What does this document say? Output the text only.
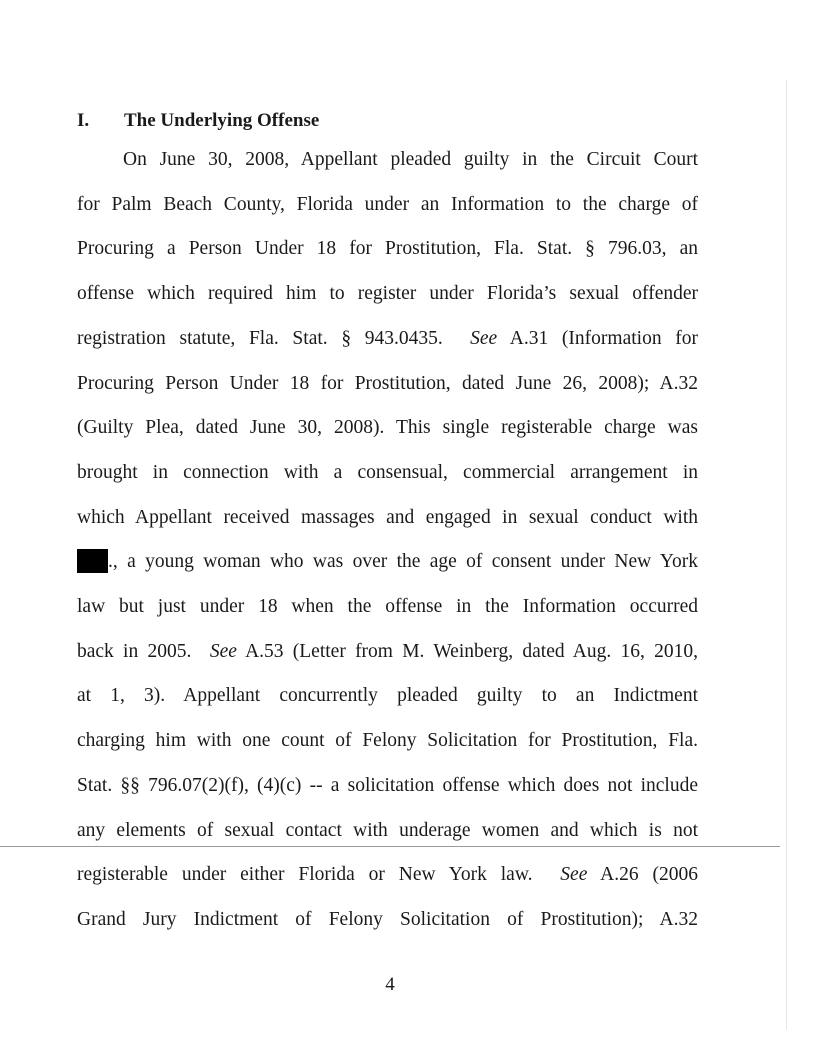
I. The Underlying Offense
On June 30, 2008, Appellant pleaded guilty in the Circuit Court
for Palm Beach County, Florida under an Information to the charge of
Procuring a Person Under 18 for Prostitution, Fla. Stat. § 796.03, an
offense which required him to register under Florida’s sexual offender
registration statute, Fla. Stat. § 943.0435.  See A.31 (Information for
Procuring Person Under 18 for Prostitution, dated June 26, 2008); A.32
(Guilty Plea, dated June 30, 2008). This single registerable charge was
brought in connection with a consensual, commercial arrangement in
which Appellant received massages and engaged in sexual conduct with
., a young woman who was over the age of consent under New York
law but just under 18 when the offense in the Information occurred
back in 2005.  See A.53 (Letter from M. Weinberg, dated Aug. 16, 2010,
at 1, 3). Appellant concurrently pleaded guilty to an Indictment
charging him with one count of Felony Solicitation for Prostitution, Fla.
Stat. §§ 796.07(2)(f), (4)(c) -- a solicitation offense which does not include
any elements of sexual contact with underage women and which is not
registerable under either Florida or New York law.  See A.26 (2006
Grand Jury Indictment of Felony Solicitation of Prostitution); A.32
4
